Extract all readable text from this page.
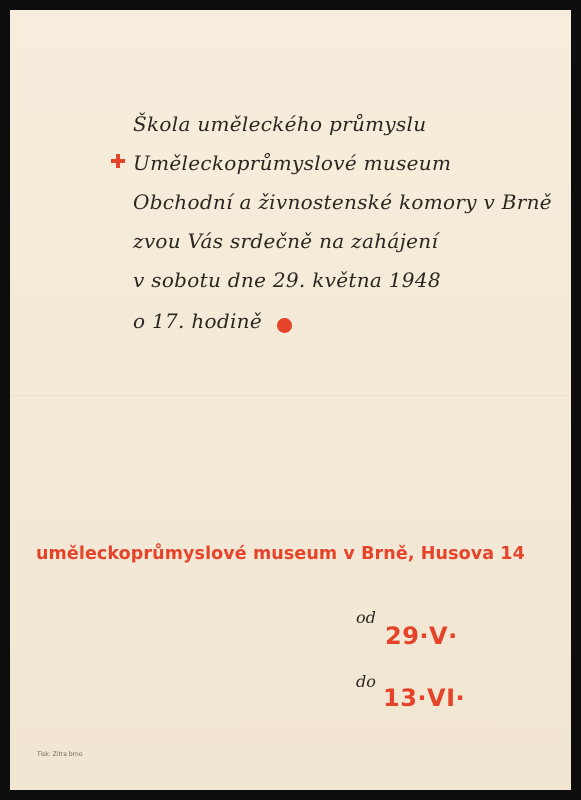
Škola uměleckého průmyslu
Uměleckoprůmyslové museum
Obchodní a živnostenské komory v Brně
zvou Vás srdečně na zahájení
v sobotu dne 29. května 1948
o 17. hodině
uměleckoprůmyslové museum v Brně, Husova 14
od
29·V·
do
13·VI·
Tisk: Zitra brno
